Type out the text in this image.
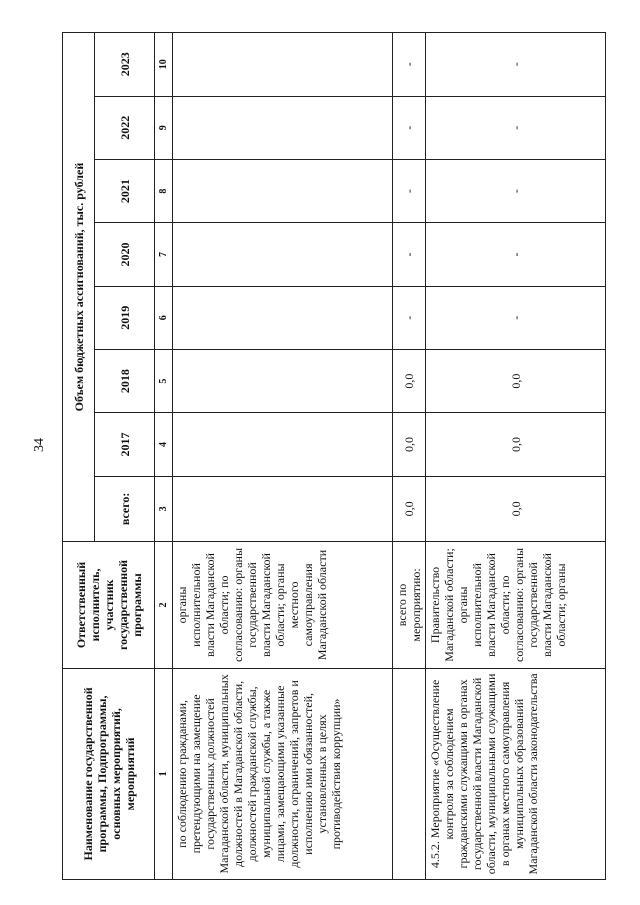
34
Наименование государственной программы, Подпрограммы, основных мероприятий, мероприятий	Ответственный исполнитель, участник государственной программы	Объем бюджетных ассигнований, тыс. рублей							
		всего:	2017	2018	2019	2020	2021	2022	2023
1	2	3	4	5	6	7	8	9	10
по соблюдению гражданами, претендующими на замещение государственных должностей Магаданской области, муниципальных должностей в Магаданской области, должностей гражданской службы, муниципальной службы, а также лицами, замещающими указанные должности, ограничений, запретов и исполнению ими обязанностей, установленных в целях противодействия коррупции»	органы исполнительной власти Магаданской области; по согласованию: органы государственной власти Магаданской области; органы местного самоуправления Магаданской области								
	всего по мероприятию:	0,0	0,0	0,0	-	-	-	-	-
4.5.2. Мероприятие «Осуществление контроля за соблюдением гражданскими служащими в органах государственной власти Магаданской области, муниципальными служащими в органах местного самоуправления муниципальных образований Магаданской области законодательства	Правительство Магаданской области; органы исполнительной власти Магаданской области; по согласованию: органы государственной власти Магаданской области; органы	0,0	0,0	0,0	-	-	-	-	-
